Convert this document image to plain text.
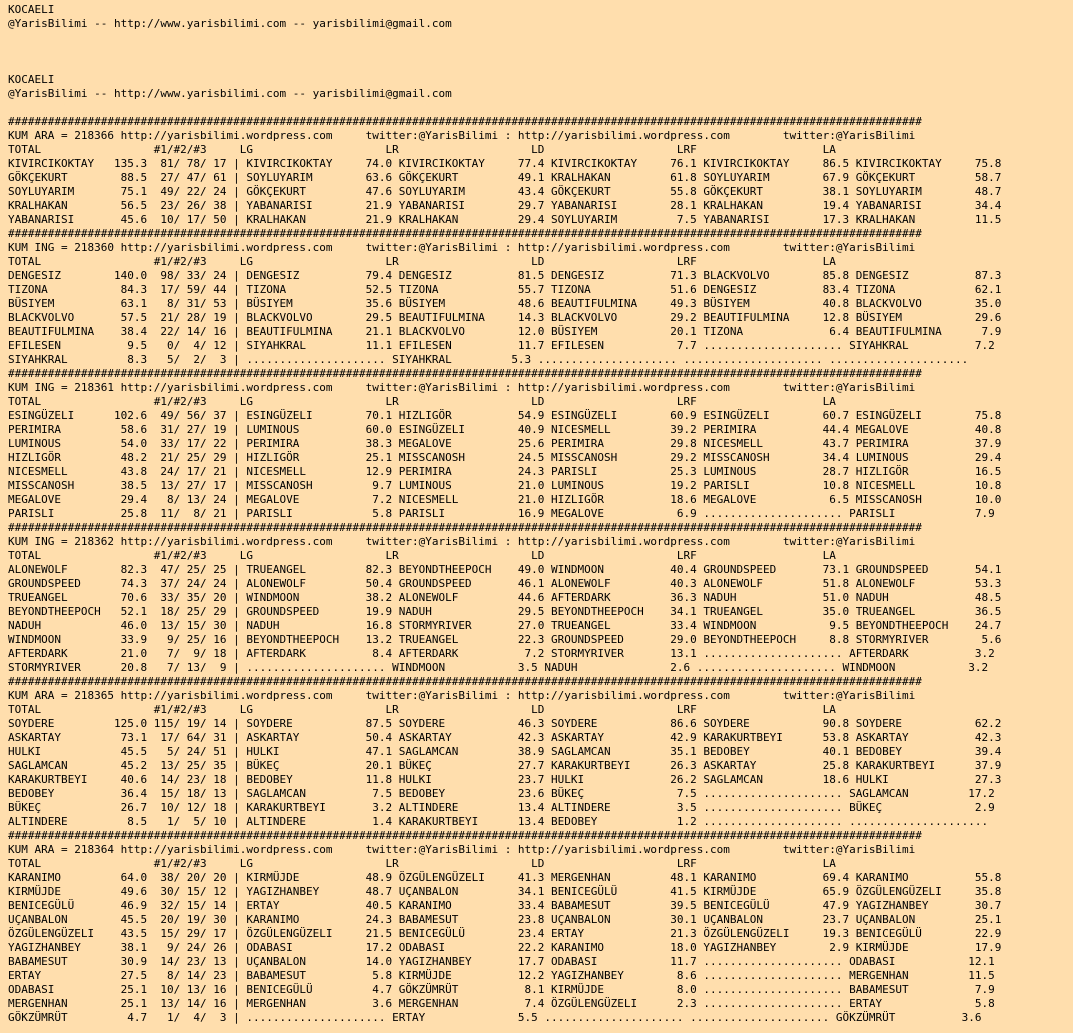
KOCAELI
@YarisBilimi -- http://www.yarisbilimi.com -- yarisbilimi@gmail.com
KOCAELI
@YarisBilimi -- http://www.yarisbilimi.com -- yarisbilimi@gmail.com
##########################################################################################################################################
KUM ARA = 218366 http://yarisbilimi.wordpress.com     twitter:@YarisBilimi : http://yarisbilimi.wordpress.com        twitter:@YarisBilimi
TOTAL                 #1/#2/#3     LG                    LR                    LD                    LRF                   LA
KIVIRCIKOKTAY   135.3  81/ 78/ 17 | KIVIRCIKOKTAY     74.0 KIVIRCIKOKTAY     77.4 KIVIRCIKOKTAY     76.1 KIVIRCIKOKTAY     86.5 KIVIRCIKOKTAY     75.8
GÖKÇEKURT        88.5  27/ 47/ 61 | SOYLUYARIM        63.6 GÖKÇEKURT         49.1 KRALHAKAN         61.8 SOYLUYARIM        67.9 GÖKÇEKURT         58.7
SOYLUYARIM       75.1  49/ 22/ 24 | GÖKÇEKURT         47.6 SOYLUYARIM        43.4 GÖKÇEKURT         55.8 GÖKÇEKURT         38.1 SOYLUYARIM        48.7
KRALHAKAN        56.5  23/ 26/ 38 | YABANARISI        21.9 YABANARISI        29.7 YABANARISI        28.1 KRALHAKAN         19.4 YABANARISI        34.4
YABANARISI       45.6  10/ 17/ 50 | KRALHAKAN         21.9 KRALHAKAN         29.4 SOYLUYARIM         7.5 YABANARISI        17.3 KRALHAKAN         11.5
##########################################################################################################################################
KUM ING = 218360 http://yarisbilimi.wordpress.com     twitter:@YarisBilimi : http://yarisbilimi.wordpress.com        twitter:@YarisBilimi
TOTAL                 #1/#2/#3     LG                    LR                    LD                    LRF                   LA
DENGESIZ        140.0  98/ 33/ 24 | DENGESIZ          79.4 DENGESIZ          81.5 DENGESIZ          71.3 BLACKVOLVO        85.8 DENGESIZ          87.3
TIZONA           84.3  17/ 59/ 44 | TIZONA            52.5 TIZONA            55.7 TIZONA            51.6 DENGESIZ          83.4 TIZONA            62.1
BÜSIYEM          63.1   8/ 31/ 53 | BÜSIYEM           35.6 BÜSIYEM           48.6 BEAUTIFULMINA     49.3 BÜSIYEM           40.8 BLACKVOLVO        35.0
BLACKVOLVO       57.5  21/ 28/ 19 | BLACKVOLVO        29.5 BEAUTIFULMINA     14.3 BLACKVOLVO        29.2 BEAUTIFULMINA     12.8 BÜSIYEM           29.6
BEAUTIFULMINA    38.4  22/ 14/ 16 | BEAUTIFULMINA     21.1 BLACKVOLVO        12.0 BÜSIYEM           20.1 TIZONA             6.4 BEAUTIFULMINA      7.9
EFILESEN          9.5   0/  4/ 12 | SIYAHKRAL         11.1 EFILESEN          11.7 EFILESEN           7.7 ..................... SIYAHKRAL          7.2
SIYAHKRAL         8.3   5/  2/  3 | ..................... SIYAHKRAL         5.3 ..................... ..................... .....................
##########################################################################################################################################
KUM ING = 218361 http://yarisbilimi.wordpress.com     twitter:@YarisBilimi : http://yarisbilimi.wordpress.com        twitter:@YarisBilimi
TOTAL                 #1/#2/#3     LG                    LR                    LD                    LRF                   LA
ESINGÜZELI      102.6  49/ 56/ 37 | ESINGÜZELI        70.1 HIZLIGÖR          54.9 ESINGÜZELI        60.9 ESINGÜZELI        60.7 ESINGÜZELI        75.8
PERIMIRA         58.6  31/ 27/ 19 | LUMINOUS          60.0 ESINGÜZELI        40.9 NICESMELL         39.2 PERIMIRA          44.4 MEGALOVE          40.8
LUMINOUS         54.0  33/ 17/ 22 | PERIMIRA          38.3 MEGALOVE          25.6 PERIMIRA          29.8 NICESMELL         43.7 PERIMIRA          37.9
HIZLIGÖR         48.2  21/ 25/ 29 | HIZLIGÖR          25.1 MISSCANOSH        24.5 MISSCANOSH        29.2 MISSCANOSH        34.4 LUMINOUS          29.4
NICESMELL        43.8  24/ 17/ 21 | NICESMELL         12.9 PERIMIRA          24.3 PARISLI           25.3 LUMINOUS          28.7 HIZLIGÖR          16.5
MISSCANOSH       38.5  13/ 27/ 17 | MISSCANOSH         9.7 LUMINOUS          21.0 LUMINOUS          19.2 PARISLI           10.8 NICESMELL         10.8
MEGALOVE         29.4   8/ 13/ 24 | MEGALOVE           7.2 NICESMELL         21.0 HIZLIGÖR          18.6 MEGALOVE           6.5 MISSCANOSH        10.0
PARISLI          25.8  11/  8/ 21 | PARISLI            5.8 PARISLI           16.9 MEGALOVE           6.9 ..................... PARISLI            7.9
##########################################################################################################################################
KUM ING = 218362 http://yarisbilimi.wordpress.com     twitter:@YarisBilimi : http://yarisbilimi.wordpress.com        twitter:@YarisBilimi
TOTAL                 #1/#2/#3     LG                    LR                    LD                    LRF                   LA
ALONEWOLF        82.3  47/ 25/ 25 | TRUEANGEL         82.3 BEYONDTHEEPOCH    49.0 WINDMOON          40.4 GROUNDSPEED       73.1 GROUNDSPEED       54.1
GROUNDSPEED      74.3  37/ 24/ 24 | ALONEWOLF         50.4 GROUNDSPEED       46.1 ALONEWOLF         40.3 ALONEWOLF         51.8 ALONEWOLF         53.3
TRUEANGEL        70.6  33/ 35/ 20 | WINDMOON          38.2 ALONEWOLF         44.6 AFTERDARK         36.3 NADUH             51.0 NADUH             48.5
BEYONDTHEEPOCH   52.1  18/ 25/ 29 | GROUNDSPEED       19.9 NADUH             29.5 BEYONDTHEEPOCH    34.1 TRUEANGEL         35.0 TRUEANGEL         36.5
NADUH            46.0  13/ 15/ 30 | NADUH             16.8 STORMYRIVER       27.0 TRUEANGEL         33.4 WINDMOON           9.5 BEYONDTHEEPOCH    24.7
WINDMOON         33.9   9/ 25/ 16 | BEYONDTHEEPOCH    13.2 TRUEANGEL         22.3 GROUNDSPEED       29.0 BEYONDTHEEPOCH     8.8 STORMYRIVER        5.6
AFTERDARK        21.0   7/  9/ 18 | AFTERDARK          8.4 AFTERDARK          7.2 STORMYRIVER       13.1 ..................... AFTERDARK          3.2
STORMYRIVER      20.8   7/ 13/  9 | ..................... WINDMOON           3.5 NADUH              2.6 ..................... WINDMOON           3.2
##########################################################################################################################################
KUM ARA = 218365 http://yarisbilimi.wordpress.com     twitter:@YarisBilimi : http://yarisbilimi.wordpress.com        twitter:@YarisBilimi
TOTAL                 #1/#2/#3     LG                    LR                    LD                    LRF                   LA
SOYDERE         125.0 115/ 19/ 14 | SOYDERE           87.5 SOYDERE           46.3 SOYDERE           86.6 SOYDERE           90.8 SOYDERE           62.2
ASKARTAY         73.1  17/ 64/ 31 | ASKARTAY          50.4 ASKARTAY          42.3 ASKARTAY          42.9 KARAKURTBEYI      53.8 ASKARTAY          42.3
HULKI            45.5   5/ 24/ 51 | HULKI             47.1 SAGLAMCAN         38.9 SAGLAMCAN         35.1 BEDOBEY           40.1 BEDOBEY           39.4
SAGLAMCAN        45.2  13/ 25/ 35 | BÜKEÇ             20.1 BÜKEÇ             27.7 KARAKURTBEYI      26.3 ASKARTAY          25.8 KARAKURTBEYI      37.9
KARAKURTBEYI     40.6  14/ 23/ 18 | BEDOBEY           11.8 HULKI             23.7 HULKI             26.2 SAGLAMCAN         18.6 HULKI             27.3
BEDOBEY          36.4  15/ 18/ 13 | SAGLAMCAN          7.5 BEDOBEY           23.6 BÜKEÇ              7.5 ..................... SAGLAMCAN         17.2
BÜKEÇ            26.7  10/ 12/ 18 | KARAKURTBEYI       3.2 ALTINDERE         13.4 ALTINDERE          3.5 ..................... BÜKEÇ              2.9
ALTINDERE         8.5   1/  5/ 10 | ALTINDERE          1.4 KARAKURTBEYI      13.4 BEDOBEY            1.2 ..................... .....................
##########################################################################################################################################
KUM ARA = 218364 http://yarisbilimi.wordpress.com     twitter:@YarisBilimi : http://yarisbilimi.wordpress.com        twitter:@YarisBilimi
TOTAL                 #1/#2/#3     LG                    LR                    LD                    LRF                   LA
KARANIMO         64.0  38/ 20/ 20 | KIRMÜJDE          48.9 ÖZGÜLENGÜZELI     41.3 MERGENHAN         48.1 KARANIMO          69.4 KARANIMO          55.8
KIRMÜJDE         49.6  30/ 15/ 12 | YAGIZHANBEY       48.7 UÇANBALON         34.1 BENICEGÜLÜ        41.5 KIRMÜJDE          65.9 ÖZGÜLENGÜZELI     35.8
BENICEGÜLÜ       46.9  32/ 15/ 14 | ERTAY             40.5 KARANIMO          33.4 BABAMESUT         39.5 BENICEGÜLÜ        47.9 YAGIZHANBEY       30.7
UÇANBALON        45.5  20/ 19/ 30 | KARANIMO          24.3 BABAMESUT         23.8 UÇANBALON         30.1 UÇANBALON         23.7 UÇANBALON         25.1
ÖZGÜLENGÜZELI    43.5  15/ 29/ 17 | ÖZGÜLENGÜZELI     21.5 BENICEGÜLÜ        23.4 ERTAY             21.3 ÖZGÜLENGÜZELI     19.3 BENICEGÜLÜ        22.9
YAGIZHANBEY      38.1   9/ 24/ 26 | ODABASI           17.2 ODABASI           22.2 KARANIMO          18.0 YAGIZHANBEY        2.9 KIRMÜJDE          17.9
BABAMESUT        30.9  14/ 23/ 13 | UÇANBALON         14.0 YAGIZHANBEY       17.7 ODABASI           11.7 ..................... ODABASI           12.1
ERTAY            27.5   8/ 14/ 23 | BABAMESUT          5.8 KIRMÜJDE          12.2 YAGIZHANBEY        8.6 ..................... MERGENHAN         11.5
ODABASI          25.1  10/ 13/ 16 | BENICEGÜLÜ         4.7 GÖKZÜMRÜT          8.1 KIRMÜJDE           8.0 ..................... BABAMESUT          7.9
MERGENHAN        25.1  13/ 14/ 16 | MERGENHAN          3.6 MERGENHAN          7.4 ÖZGÜLENGÜZELI      2.3 ..................... ERTAY              5.8
GÖKZÜMRÜT         4.7   1/  4/  3 | ..................... ERTAY              5.5 ..................... ..................... GÖKZÜMRÜT          3.6
